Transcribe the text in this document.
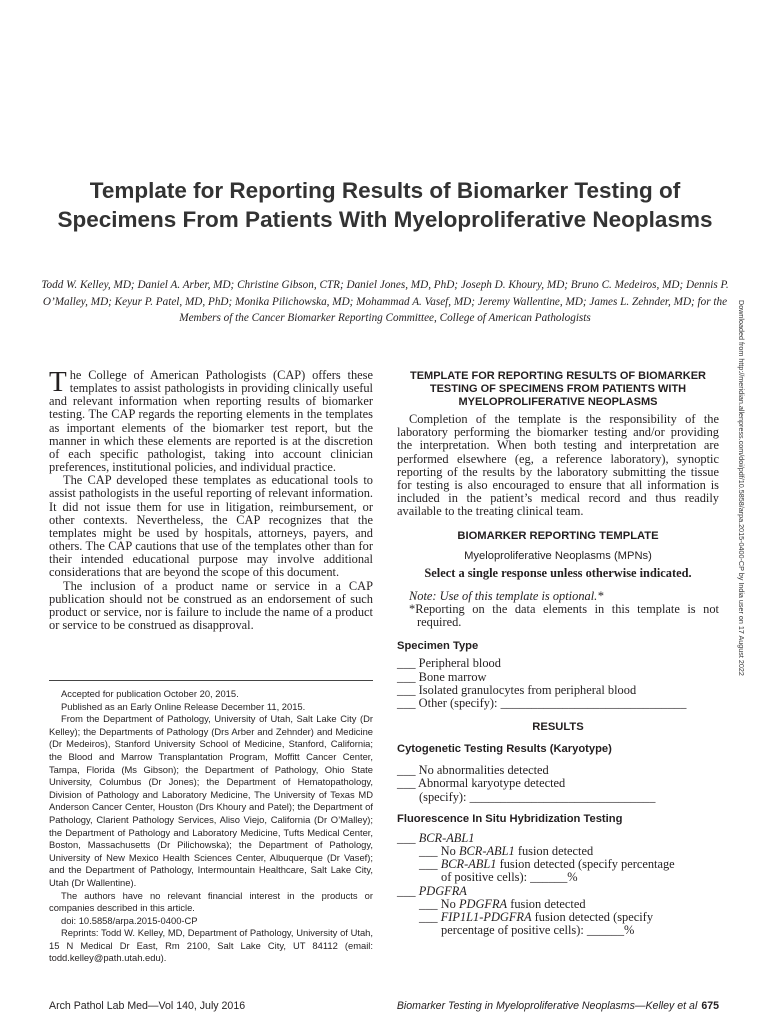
Template for Reporting Results of Biomarker Testing of Specimens From Patients With Myeloproliferative Neoplasms

Todd W. Kelley, MD; Daniel A. Arber, MD; Christine Gibson, CTR; Daniel Jones, MD, PhD; Joseph D. Khoury, MD; Bruno C. Medeiros, MD; Dennis P. O’Malley, MD; Keyur P. Patel, MD, PhD; Monika Pilichowska, MD; Mohammad A. Vasef, MD; Jeremy Wallentine, MD; James L. Zehnder, MD; for the Members of the Cancer Biomarker Reporting Committee, College of American Pathologists	Downloaded from http://meridian.allenpress.com/doi/pdf/10.5858/arpa.2015-0400-CP by India user on 17 August 2022

The College of American Pathologists (CAP) offers these templates to assist pathologists in providing clinically useful and relevant information when reporting results of biomarker testing. The CAP regards the reporting elements in the templates as important elements of the biomarker test report, but the manner in which these elements are reported is at the discretion of each specific pathologist, taking into account clinician preferences, institutional policies, and individual practice.

The CAP developed these templates as educational tools to assist pathologists in the useful reporting of relevant information. It did not issue them for use in litigation, reimbursement, or other contexts. Nevertheless, the CAP recognizes that the templates might be used by hospitals, attorneys, payers, and others. The CAP cautions that use of the templates other than for their intended educational purpose may involve additional considerations that are beyond the scope of this document.

The inclusion of a product name or service in a CAP publication should not be construed as an endorsement of such product or service, nor is failure to include the name of a product or service to be construed as disapproval.

Accepted for publication October 20, 2015.

Published as an Early Online Release December 11, 2015.

From the Department of Pathology, University of Utah, Salt Lake City (Dr Kelley); the Departments of Pathology (Drs Arber and Zehnder) and Medicine (Dr Medeiros), Stanford University School of Medicine, Stanford, California; the Blood and Marrow Transplantation Program, Moffitt Cancer Center, Tampa, Florida (Ms Gibson); the Department of Pathology, Ohio State University, Columbus (Dr Jones); the Department of Hematopathology, Division of Pathology and Laboratory Medicine, The University of Texas MD Anderson Cancer Center, Houston (Drs Khoury and Patel); the Department of Pathology, Clarient Pathology Services, Aliso Viejo, California (Dr O’Malley); the Department of Pathology and Laboratory Medicine, Tufts Medical Center, Boston, Massachusetts (Dr Pilichowska); the Department of Pathology, University of New Mexico Health Sciences Center, Albuquerque (Dr Vasef); and the Department of Pathology, Intermountain Healthcare, Salt Lake City, Utah (Dr Wallentine).

The authors have no relevant financial interest in the products or companies described in this article.

doi: 10.5858/arpa.2015-0400-CP

Reprints: Todd W. Kelley, MD, Department of Pathology, University of Utah, 15 N Medical Dr East, Rm 2100, Salt Lake City, UT 84112 (email: todd.kelley@path.utah.edu).

TEMPLATE FOR REPORTING RESULTS OF BIOMARKER TESTING OF SPECIMENS FROM PATIENTS WITH MYELOPROLIFERATIVE NEOPLASMS

Completion of the template is the responsibility of the laboratory performing the biomarker testing and/or providing the interpretation. When both testing and interpretation are performed elsewhere (eg, a reference laboratory), synoptic reporting of the results by the laboratory submitting the tissue for testing is also encouraged to ensure that all information is included in the patient’s medical record and thus readily available to the treating clinical team.

BIOMARKER REPORTING TEMPLATE

Myeloproliferative Neoplasms (MPNs)

Select a single response unless otherwise indicated.

Note: Use of this template is optional.*

*Reporting on the data elements in this template is not required.

Specimen Type

___ Peripheral blood

___ Bone marrow

___ Isolated granulocytes from peripheral blood

___ Other (specify): ______________________________

RESULTS

Cytogenetic Testing Results (Karyotype)

___ No abnormalities detected

___ Abnormal karyotype detected

(specify): ______________________________

Fluorescence In Situ Hybridization Testing

___ BCR-ABL1

___ No BCR-ABL1 fusion detected

___ BCR-ABL1 fusion detected (specify percentage

of positive cells): ______%

___ PDGFRA

___ No PDGFRA fusion detected

___ FIP1L1-PDGFRA fusion detected (specify

percentage of positive cells): ______%

Arch Pathol Lab Med—Vol 140, July 2016	Biomarker Testing in Myeloproliferative Neoplasms—Kelley et al 675
